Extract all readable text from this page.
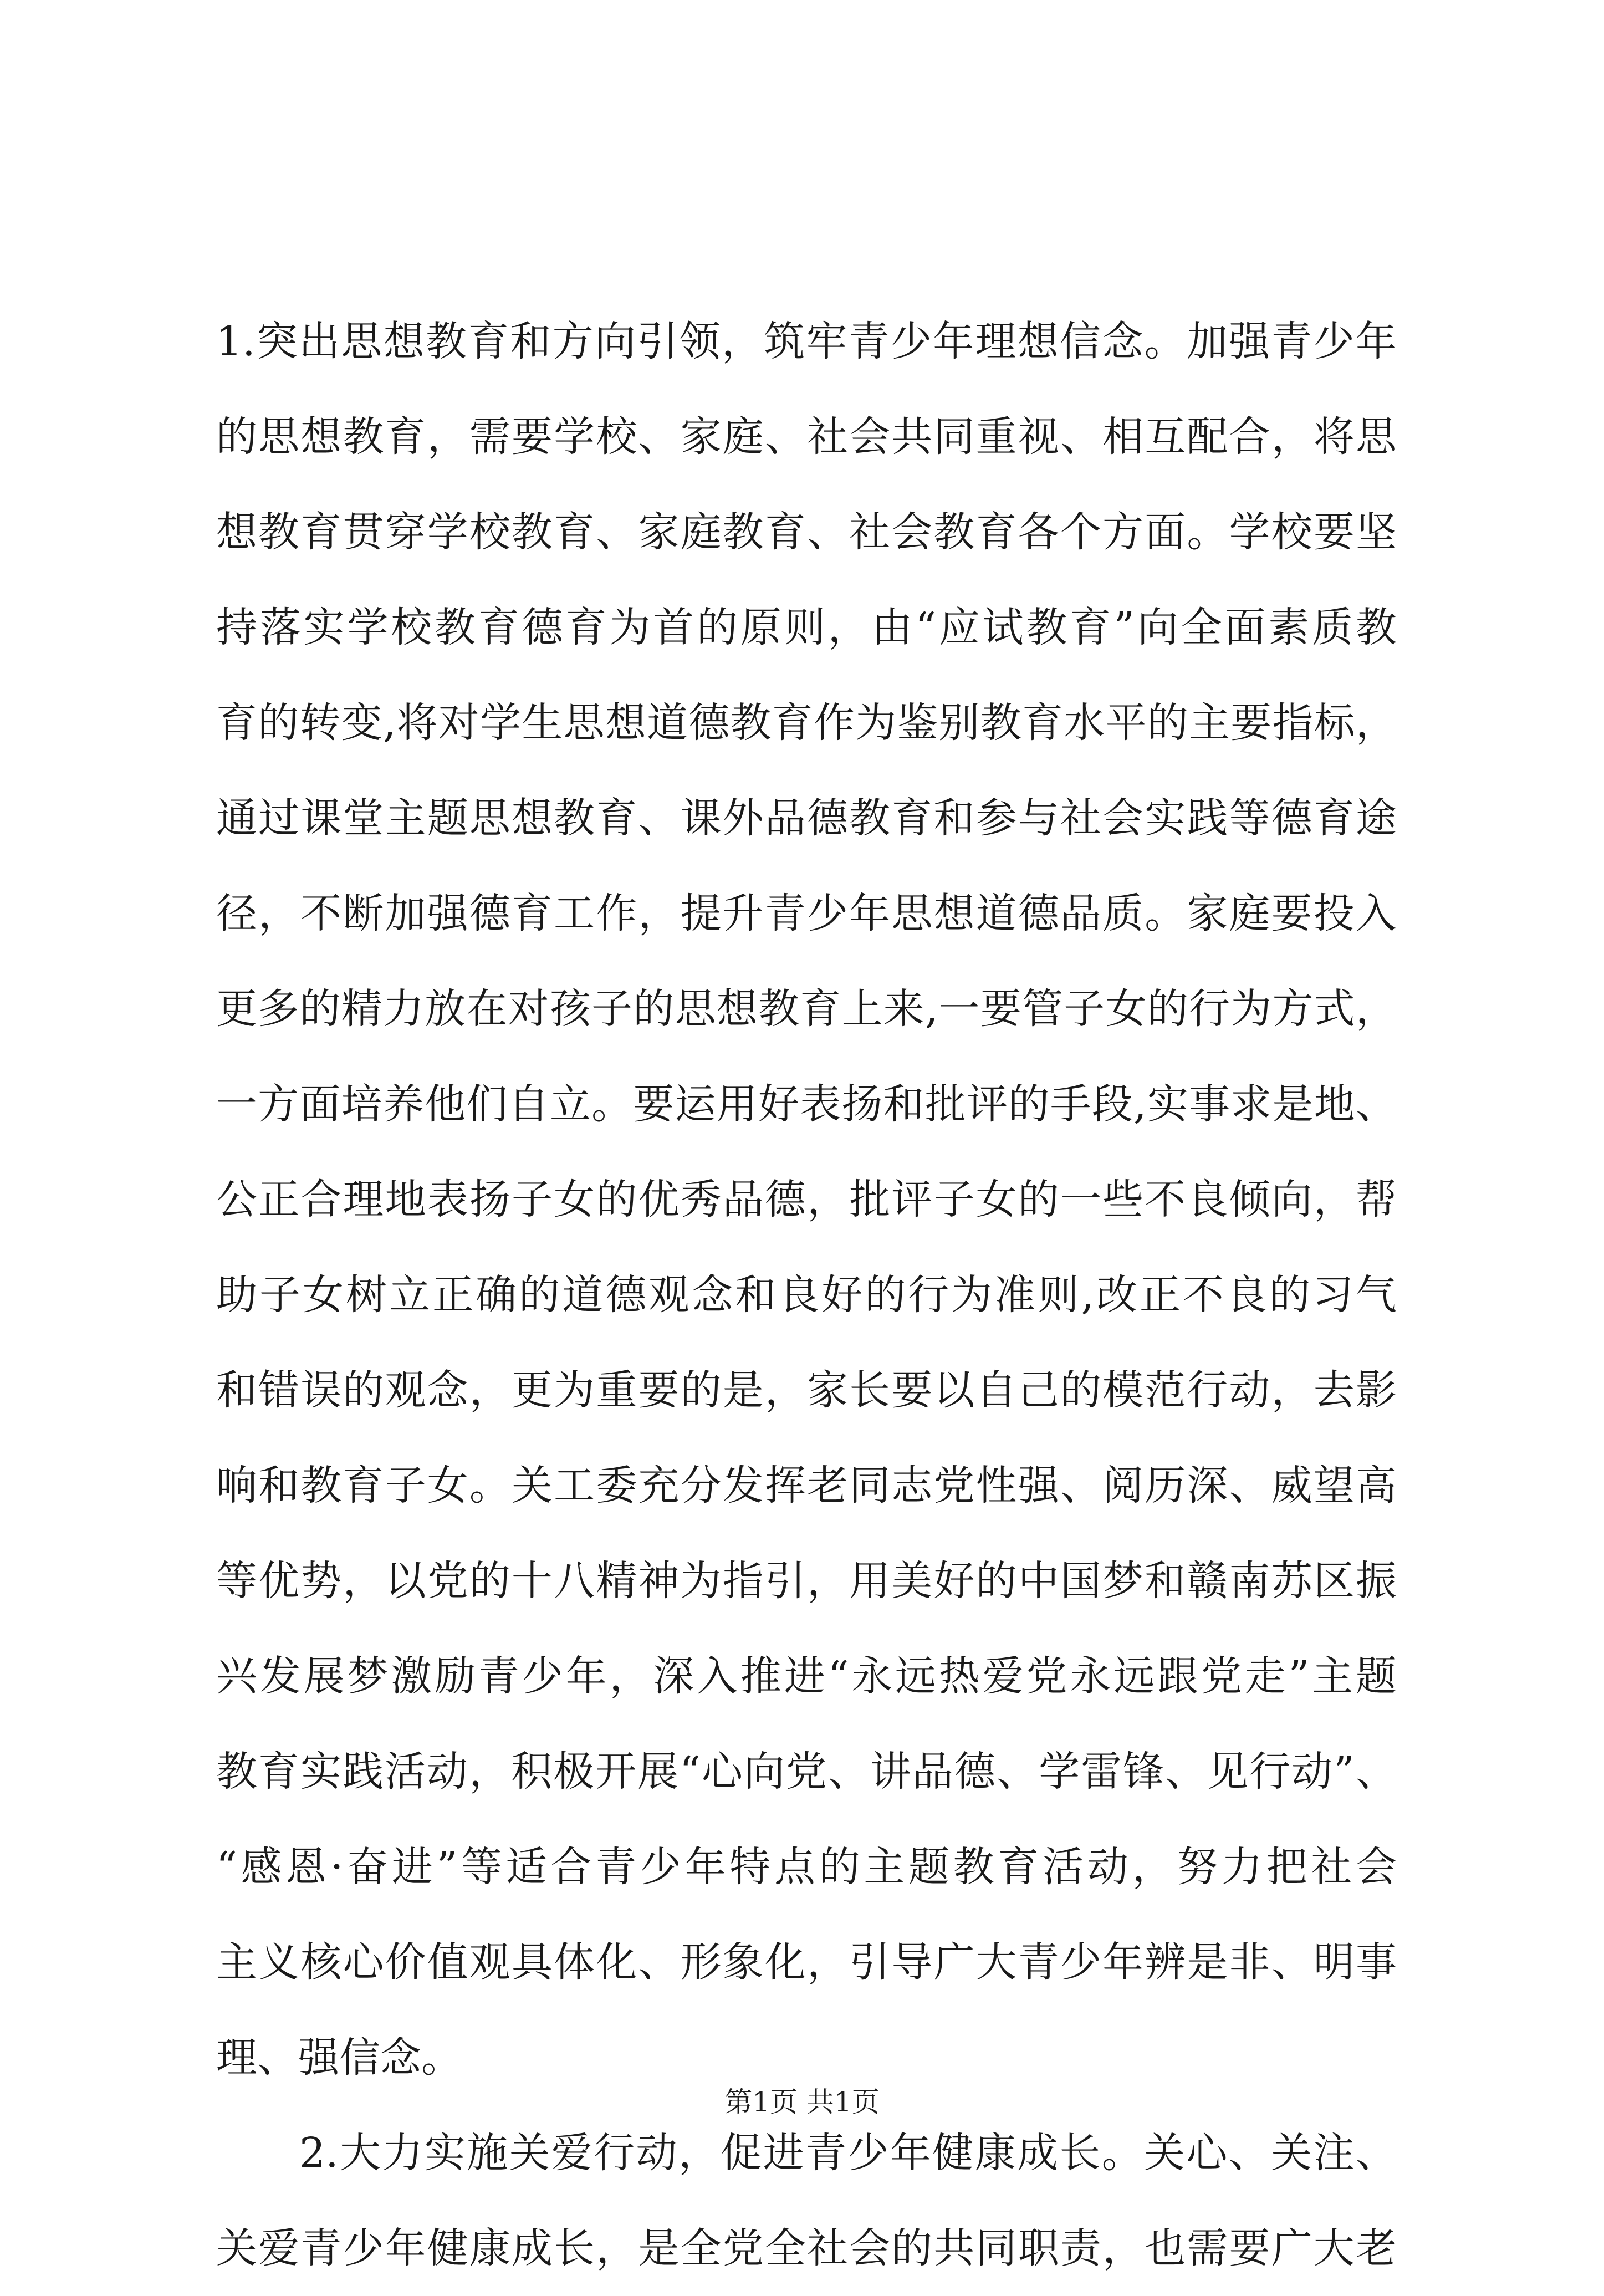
1.突出思想教育和方向引领，筑牢青少年理想信念。加强青少年
的思想教育，需要学校、家庭、社会共同重视、相互配合，将思
想教育贯穿学校教育、家庭教育、社会教育各个方面。学校要坚
持落实学校教育德育为首的原则，由“应试教育”向全面素质教
育的转变,将对学生思想道德教育作为鉴别教育水平的主要指标，
通过课堂主题思想教育、课外品德教育和参与社会实践等德育途
径，不断加强德育工作，提升青少年思想道德品质。家庭要投入
更多的精力放在对孩子的思想教育上来,一要管子女的行为方式，
一方面培养他们自立。要运用好表扬和批评的手段,实事求是地、
公正合理地表扬子女的优秀品德，批评子女的一些不良倾向，帮
助子女树立正确的道德观念和良好的行为准则,改正不良的习气
和错误的观念，更为重要的是，家长要以自己的模范行动，去影
响和教育子女。关工委充分发挥老同志党性强、阅历深、威望高
等优势，以党的十八精神为指引，用美好的中国梦和赣南苏区振
兴发展梦激励青少年，深入推进“永远热爱党永远跟党走”主题
教育实践活动，积极开展“心向党、讲品德、学雷锋、见行动”、
“感恩·奋进”等适合青少年特点的主题教育活动，努力把社会
主义核心价值观具体化、形象化，引导广大青少年辨是非、明事
理、强信念。
2.大力实施关爱行动，促进青少年健康成长。关心、关注、
关爱青少年健康成长，是全党全社会的共同职责，也需要广大老
第1页 共1页
